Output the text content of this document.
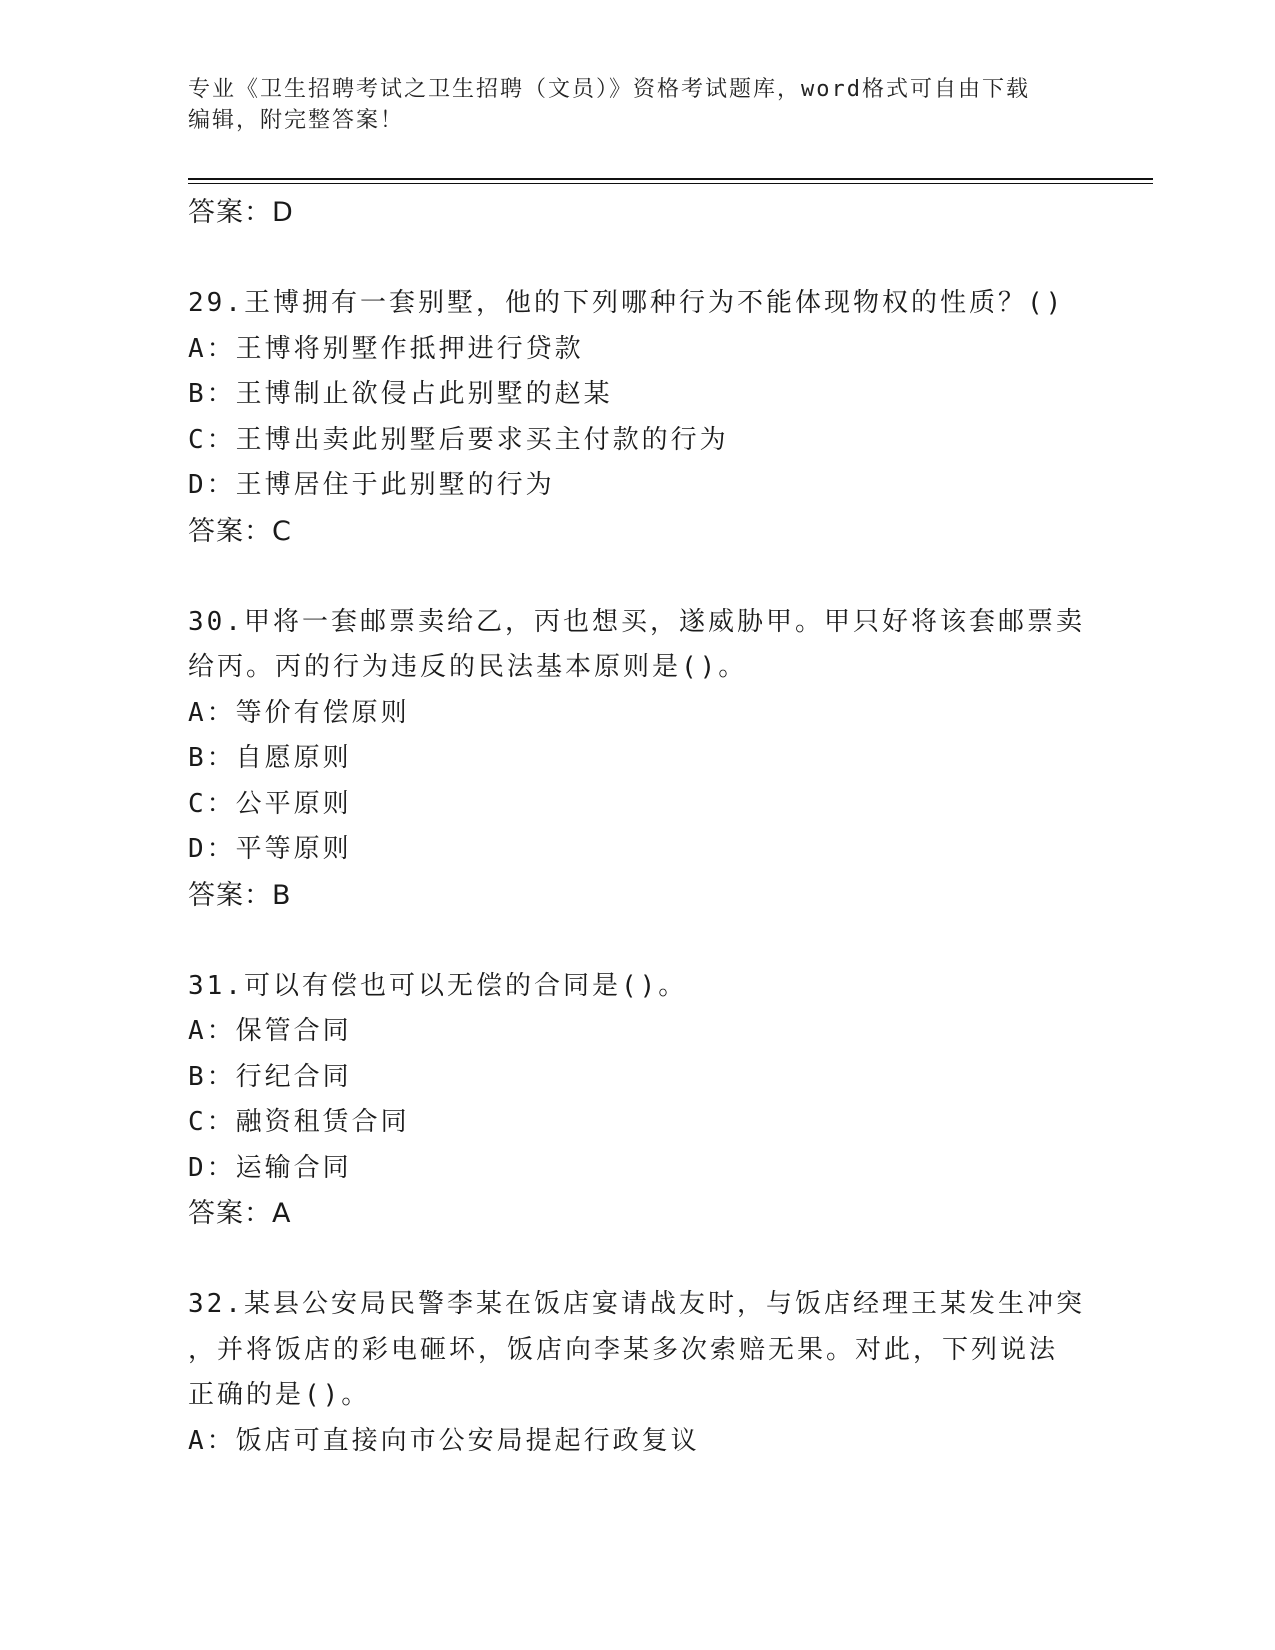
专业《卫生招聘考试之卫生招聘（文员）》资格考试题库，word格式可自由下载
编辑，附完整答案！
答案：D
29.王博拥有一套别墅，他的下列哪种行为不能体现物权的性质？()
A：王博将别墅作抵押进行贷款
B：王博制止欲侵占此别墅的赵某
C：王博出卖此别墅后要求买主付款的行为
D：王博居住于此别墅的行为
答案：C
30.甲将一套邮票卖给乙，丙也想买，遂威胁甲。甲只好将该套邮票卖
给丙。丙的行为违反的民法基本原则是()。
A：等价有偿原则
B：自愿原则
C：公平原则
D：平等原则
答案：B
31.可以有偿也可以无偿的合同是()。
A：保管合同
B：行纪合同
C：融资租赁合同
D：运输合同
答案：A
32.某县公安局民警李某在饭店宴请战友时，与饭店经理王某发生冲突
，并将饭店的彩电砸坏，饭店向李某多次索赔无果。对此，下列说法
正确的是()。
A：饭店可直接向市公安局提起行政复议
